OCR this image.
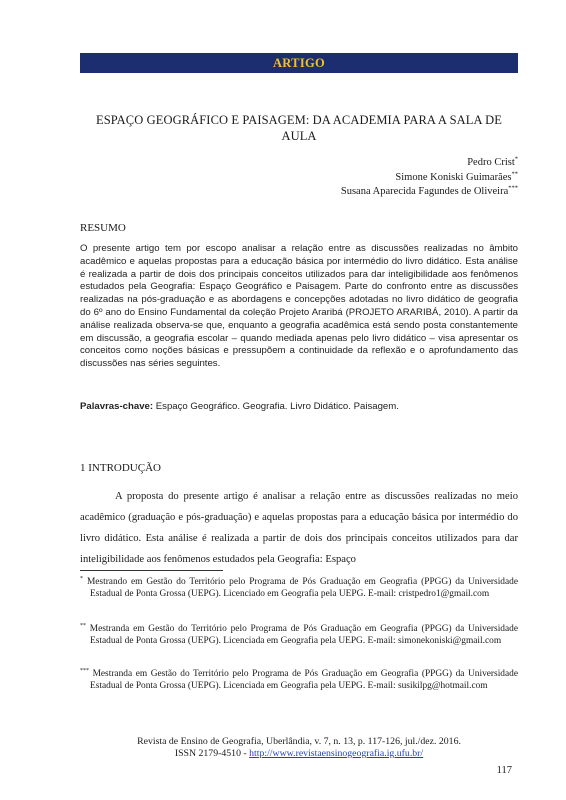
ARTIGO
ESPAÇO GEOGRÁFICO E PAISAGEM: DA ACADEMIA PARA A SALA DE AULA
Pedro Crist*
Simone Koniski Guimarães**
Susana Aparecida Fagundes de Oliveira***
RESUMO
O presente artigo tem por escopo analisar a relação entre as discussões realizadas no âmbito acadêmico e aquelas propostas para a educação básica por intermédio do livro didático. Esta análise é realizada a partir de dois dos principais conceitos utilizados para dar inteligibilidade aos fenômenos estudados pela Geografia: Espaço Geográfico e Paisagem. Parte do confronto entre as discussões realizadas na pós-graduação e as abordagens e concepções adotadas no livro didático de geografia do 6º ano do Ensino Fundamental da coleção Projeto Araribá (PROJETO ARARIBÁ, 2010). A partir da análise realizada observa-se que, enquanto a geografia acadêmica está sendo posta constantemente em discussão, a geografia escolar – quando mediada apenas pelo livro didático – visa apresentar os conceitos como noções básicas e pressupõem a continuidade da reflexão e o aprofundamento das discussões nas séries seguintes.
Palavras-chave: Espaço Geográfico. Geografia. Livro Didático. Paisagem.
1 INTRODUÇÃO
A proposta do presente artigo é analisar a relação entre as discussões realizadas no meio acadêmico (graduação e pós-graduação) e aquelas propostas para a educação básica por intermédio do livro didático. Esta análise é realizada a partir de dois dos principais conceitos utilizados para dar inteligibilidade aos fenômenos estudados pela Geografia: Espaço
* Mestrando em Gestão do Território pelo Programa de Pós Graduação em Geografia (PPGG) da Universidade Estadual de Ponta Grossa (UEPG). Licenciado em Geografia pela UEPG. E-mail: cristpedro1@gmail.com
** Mestranda em Gestão do Território pelo Programa de Pós Graduação em Geografia (PPGG) da Universidade Estadual de Ponta Grossa (UEPG). Licenciada em Geografia pela UEPG. E-mail: simonekoniski@gmail.com
*** Mestranda em Gestão do Território pelo Programa de Pós Graduação em Geografia (PPGG) da Universidade Estadual de Ponta Grossa (UEPG). Licenciada em Geografia pela UEPG. E-mail: susikilpg@hotmail.com
Revista de Ensino de Geografia, Uberlândia, v. 7, n. 13, p. 117-126, jul./dez. 2016.
ISSN 2179-4510 - http://www.revistaensinogeografia.ig.ufu.br/
117
